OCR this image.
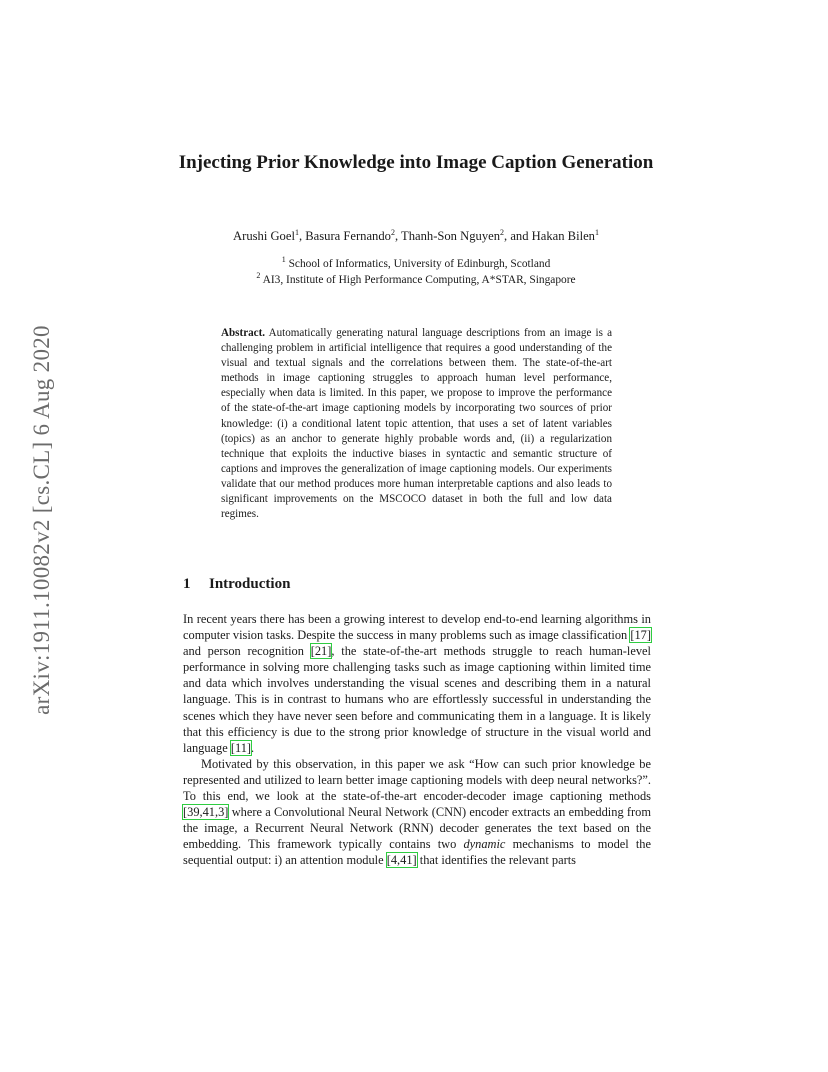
arXiv:1911.10082v2 [cs.CL] 6 Aug 2020
Injecting Prior Knowledge into Image Caption Generation
Arushi Goel$^1$, Basura Fernando$^2$, Thanh-Son Nguyen$^2$, and Hakan Bilen$^1$
$^1$ School of Informatics, University of Edinburgh, Scotland
$^2$ AI3, Institute of High Performance Computing, A*STAR, Singapore
Abstract. Automatically generating natural language descriptions from an image is a challenging problem in artificial intelligence that requires a good understanding of the visual and textual signals and the correlations between them. The state-of-the-art methods in image captioning struggles to approach human level performance, especially when data is limited. In this paper, we propose to improve the performance of the state-of-the-art image captioning models by incorporating two sources of prior knowledge: (i) a conditional latent topic attention, that uses a set of latent variables (topics) as an anchor to generate highly probable words and, (ii) a regularization technique that exploits the inductive biases in syntactic and semantic structure of captions and improves the generalization of image captioning models. Our experiments validate that our method produces more human interpretable captions and also leads to significant improvements on the MSCOCO dataset in both the full and low data regimes.
1 Introduction

In recent years there has been a growing interest to develop end-to-end learning algorithms in computer vision tasks. Despite the success in many problems such as image classification [17] and person recognition [21], the state-of-the-art methods struggle to reach human-level performance in solving more challenging tasks such as image captioning within limited time and data which involves understanding the visual scenes and describing them in a natural language. This is in contrast to humans who are effortlessly successful in understanding the scenes which they have never seen before and communicating them in a language. It is likely that this efficiency is due to the strong prior knowledge of structure in the visual world and language [11].

Motivated by this observation, in this paper we ask “How can such prior knowledge be represented and utilized to learn better image captioning models with deep neural networks?”. To this end, we look at the state-of-the-art encoder-decoder image captioning methods [39,41,3] where a Convolutional Neural Network (CNN) encoder extracts an embedding from the image, a Recurrent Neural Network (RNN) decoder generates the text based on the embedding. This framework typically contains two dynamic mechanisms to model the sequential output: i) an attention module [4,41] that identifies the relevant parts
